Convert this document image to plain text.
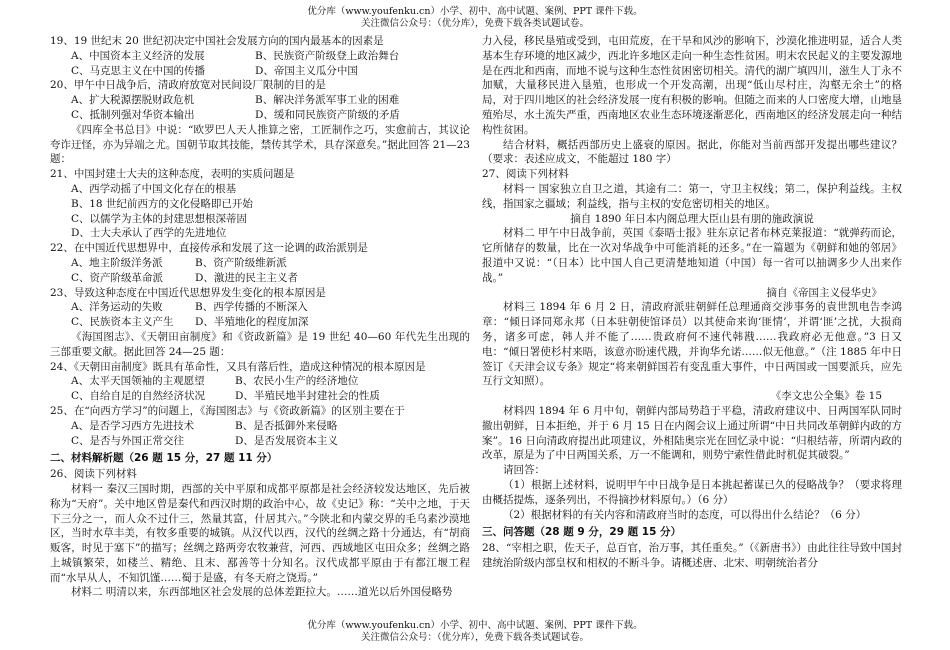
优分库（www.youfenku.cn）小学、初中、高中试题、案例、PPT 课件下载。
关注微信公众号：（优分库），免费下载各类试题试卷。

19、19 世纪末 20 世纪初决定中国社会发展方向的国内最基本的因素是

A、中国资本主义经济的发展	B、民族资产阶级登上政治舞台
C、马克思主义在中国的传播	D、帝国主义瓜分中国

20、甲午中日战争后，清政府放宽对民间设厂限制的目的是

A、扩大税源摆脱财政危机	B、解决洋务派军事工业的困难
C、抵制列强对华资本输出	D、缓和同民族资产阶级的矛盾

《四库全书总目》中说：“欧罗巴人天人推算之密，工匠制作之巧，实愈前古，其议论夸诈迂怪，亦为异端之尤。国朝节取其技能，禁传其学术，具存深意矣。”据此回答 21—23题：

21、中国封建士大夫的这种态度，表明的实质问题是

A、西学动摇了中国文化存在的根基
B、18 世纪前西方的文化侵略即已开始
C、以儒学为主体的封建思想根深蒂固
D、士大夫承认了西学的先进地位

22、在中国近代思想界中，直接传承和发展了这一论调的政治派别是

A、地主阶级洋务派	B、资产阶级维新派
C、资产阶级革命派	D、激进的民主主义者

23、导致这种态度在中国近代思想界发生变化的根本原因是

A、洋务运动的失败	B、西学传播的不断深入
C、民族资本主义产生 D、半殖地化的程度加深

《海国图志》、《天朝田亩制度》和《资政新篇》是 19 世纪 40—60 年代先生出现的三部重要文献。据此回答 24—25 题：

24、《天朝田亩制度》既具有革命性，又具有落后性，造成这种情况的根本原因是

A、太平天国领袖的主观愿望	B、农民小生产的经济地位
C、自给自足的自然经济状况	D、半殖民地半封建社会的性质

25、在“向西方学习”的问题上，《海国图志》与《资政新篇》的区别主要在于

A、是否学习西方先进技术	B、是否抵御外来侵略
C、是否与外国正常交往	D、是否发展资本主义
二、材料解析题（26 题 15 分，27 题 11 分）

26、阅读下列材料

材料一 秦汉三国时期，西部的关中平原和成都平原都是社会经济较发达地区，先后被称为“天府”。关中地区曾是秦代和西汉时期的政治中心，故《史记》称：“关中之地，于天下三分之一，而人众不过什三，然量其富，什居其六。”今陕北和内蒙交界的毛乌素沙漠地区，当时水草丰美，有牧多重要的城镇。从汉代以西，汉代的丝绸之路十分通达，有“胡商贩客，时见于塞下”的描写；丝绸之路两旁农牧兼营，河西、西域地区屯田众多；丝绸之路上城镇繁荣，如楼兰、精绝、且末、鄯善等十分知名。汉代成都平原由于有都江堰工程而“水旱从人，不知饥馑……蜀于是盛，有冬天府之饶焉。”

材料二 明清以来，东西部地区社会发展的总体差距拉大。……道光以后外国侵略势

力入侵，移民垦殖或受到，屯田荒废，在干旱和风沙的影响下，沙漠化推进明显，适合人类基本生存环境的地区减少，西北许多地区走向一种生态性贫困。明末农民起义的主要发源地是在西北和西南，而地不说与这种生态性贫困密切相关。清代的湖广填四川，滋生人丁永不加赋，大量移民进入垦殖，也形成一个开发高潮，出现“低山尽村庄，沟壑无余土”的格局，对于四川地区的社会经济发展一度有积极的影响。但随之而来的人口密度大增，山地垦殖殆尽，水土流失严重，西南地区农业生态环境逐渐恶化，西南地区的经济发展走向一种结构性贫困。

结合材料，概括西部历史上盛衰的原因。据此，你能对当前西部开发提出哪些建议？（要求：表述应成文，不能超过 180 字）

27、阅读下列材料

材料一 国家独立自卫之道，其途有二：第一，守卫主权线；第二，保护利益线。主权线，指国家之疆域；利益线，指与主权的安危密切相关的地区。

摘自 1890 年日本内阁总理大臣山县有朋的施政演说

材料二 甲午中日战争前，英国《泰晤士报》驻东京记者布林克莱报道：“就弹药而论，它所储存的数量，比在一次对华战争中可能消耗的还多。”在一篇题为《朝鲜和她的邻居》报道中又说：“（日本）比中国人自己更清楚地知道（中国）每一省可以抽调多少人出来作战。”

摘自《帝国主义侵华史》

材料三 1894 年 6 月 2 日，清政府派驻朝鲜任总理通商交涉事务的袁世凯电告李鸿章：“倾日译同郑永邦（日本驻朝使馆译员）以其使命来询‘匪情’，并谓‘匪’之扰，大损商务，诸多可虑，韩人并不能了……贵政府何不速代韩戡……我政府必无他意。”3 日又电：“倾日署使杉村来晤，该意亦盼速代戡，并询华允诺……似无他意。”（注 1885 年中日签订《天津会议专条》规定“将来朝鲜国若有变乱重大事件，中日两国或一国要派兵，应先互行文知照）。

《李文忠公全集》卷 15

材料四 1894 年 6 月中旬，朝鲜内部局势趋于平稳，清政府建议中、日两国军队同时撤出朝鲜，日本拒绝，并于 6 月 15 日在内阁会议上通过所谓“中日共同改革朝鲜内政的方案”。16 日向清政府提出此项建议，外相陆奥宗光在回忆录中说：“归根结蒂，所谓内政的改革，原是为了中日两国关系，万一不能调和，则势宁索性借此时机促其破裂。”

请回答：

（1）根据上述材料，说明甲午中日战争是日本挑起蓄谋已久的侵略战争？（要求将理由概括提炼，逐条列出，不得摘抄材料原句。）（6 分）

（2）根据材料的有关内容和清政府当时的态度，可以得出什么结论？（6 分）

三、问答题（28 题 9 分，29 题 15 分）

28、“宰相之职，佐天子，总百官，治万事，其任重矣。”（《新唐书》）由此往往导致中国封建统治阶级内部皇权和相权的不断斗争。请概述唐、北宋、明朝统治者分

优分库（www.youfenku.cn）小学、初中、高中试题、案例、PPT 课件下载。
关注微信公众号：（优分库），免费下载各类试题试卷。
